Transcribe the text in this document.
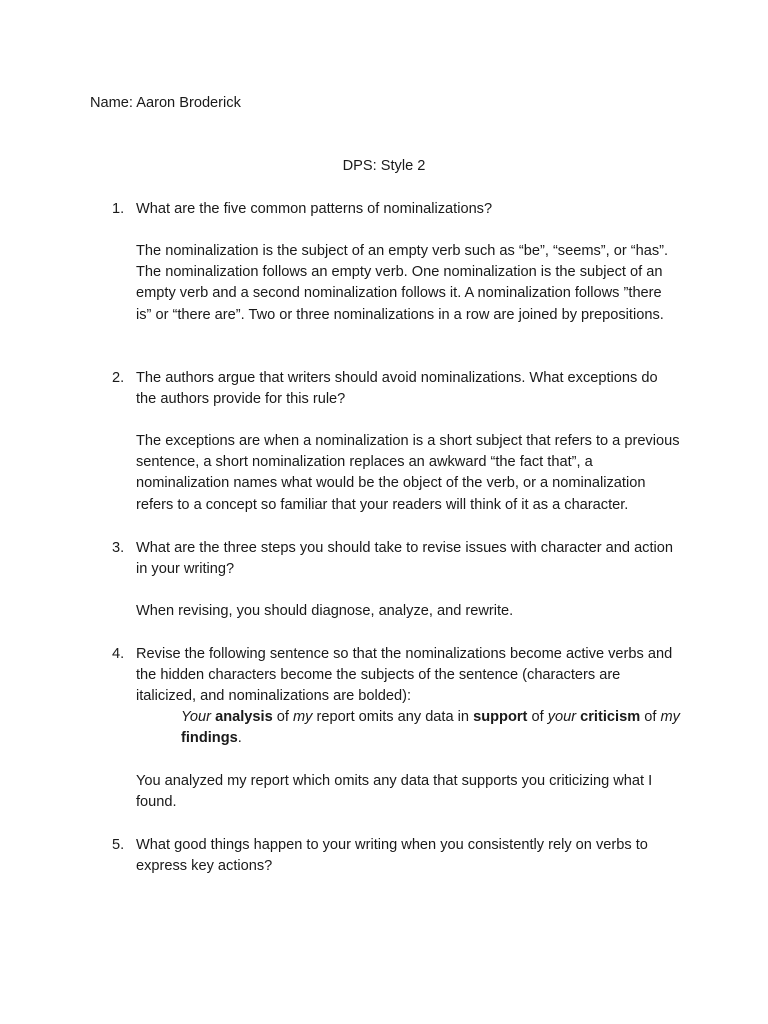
Name: Aaron Broderick

DPS: Style 2
1. What are the five common patterns of nominalizations?

The nominalization is the subject of an empty verb such as “be”, “seems”, or “has”. The nominalization follows an empty verb. One nominalization is the subject of an empty verb and a second nominalization follows it. A nominalization follows ”there is” or “there are”. Two or three nominalizations in a row are joined by prepositions.

2. The authors argue that writers should avoid nominalizations. What exceptions do the authors provide for this rule?

The exceptions are when a nominalization is a short subject that refers to a previous sentence, a short nominalization replaces an awkward “the fact that”, a nominalization names what would be the object of the verb, or a nominalization refers to a concept so familiar that your readers will think of it as a character.

3. What are the three steps you should take to revise issues with character and action in your writing?

When revising, you should diagnose, analyze, and rewrite.

4. Revise the following sentence so that the nominalizations become active verbs and the hidden characters become the subjects of the sentence (characters are italicized, and nominalizations are bolded):

Your analysis of my report omits any data in support of your criticism of my findings.

You analyzed my report which omits any data that supports you criticizing what I found.

5. What good things happen to your writing when you consistently rely on verbs to express key actions?
